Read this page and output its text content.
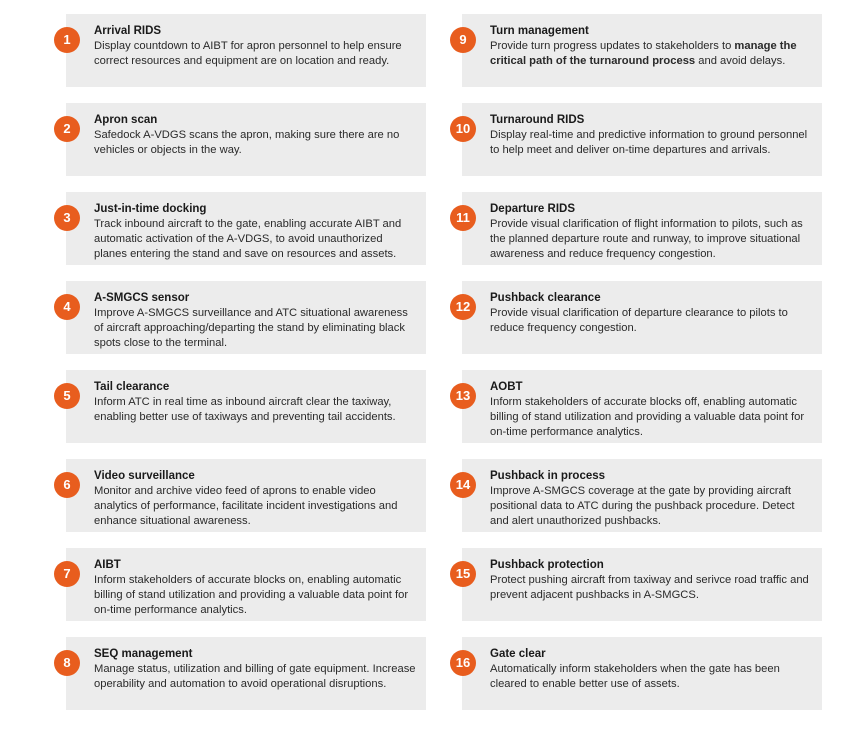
1
Arrival RIDS
Display countdown to AIBT for apron personnel to help ensure correct resources and equipment are on location and ready.
2
Apron scan
Safedock A-VDGS scans the apron, making sure there are no vehicles or objects in the way.
3
Just-in-time docking
Track inbound aircraft to the gate, enabling accurate AIBT and automatic activation of the A-VDGS, to avoid unauthorized planes entering the stand and save on resources and assets.
4
A-SMGCS sensor
Improve A-SMGCS surveillance and ATC situational awareness of aircraft approaching/departing the stand by eliminating black spots close to the terminal.
5
Tail clearance
Inform ATC in real time as inbound aircraft clear the taxiway, enabling better use of taxiways and preventing tail accidents.
6
Video surveillance
Monitor and archive video feed of aprons to enable video analytics of performance, facilitate incident investigations and enhance situational awareness.
7
AIBT
Inform stakeholders of accurate blocks on, enabling automatic billing of stand utilization and providing a valuable data point for on-time performance analytics.
8
SEQ management
Manage status, utilization and billing of gate equipment. Increase operability and automation to avoid operational disruptions.
9
Turn management
Provide turn progress updates to stakeholders to manage the critical path of the turnaround process and avoid delays.
10
Turnaround RIDS
Display real-time and predictive information to ground personnel to help meet and deliver on-time departures and arrivals.
11
Departure RIDS
Provide visual clarification of flight information to pilots, such as the planned departure route and runway, to improve situational awareness and reduce frequency congestion.
12
Pushback clearance
Provide visual clarification of departure clearance to pilots to reduce frequency congestion.
13
AOBT
Inform stakeholders of accurate blocks off, enabling automatic billing of stand utilization and providing a valuable data point for on-time performance analytics.
14
Pushback in process
Improve A-SMGCS coverage at the gate by providing aircraft positional data to ATC during the pushback procedure. Detect and alert unauthorized pushbacks.
15
Pushback protection
Protect pushing aircraft from taxiway and serivce road traffic and prevent adjacent pushbacks in A-SMGCS.
16
Gate clear
Automatically inform stakeholders when the gate has been cleared to enable better use of assets.
